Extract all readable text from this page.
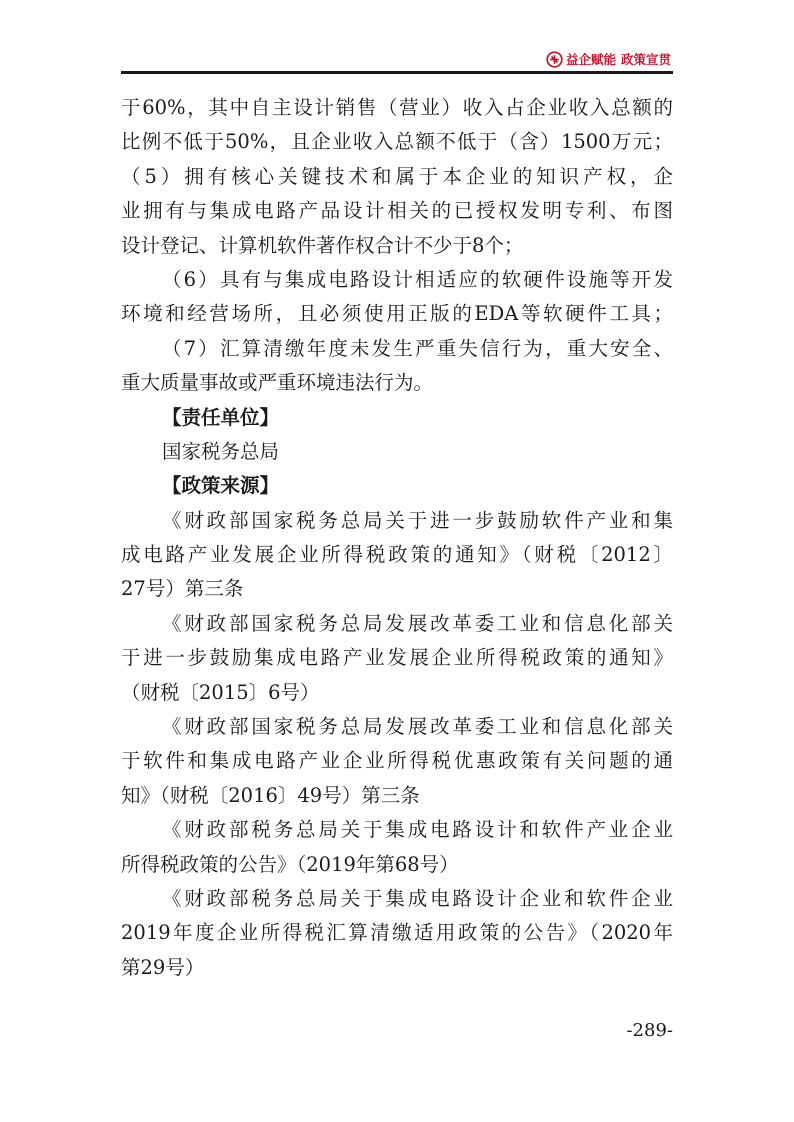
益企赋能 政策宣贯
于60%，其中自主设计销售（营业）收入占企业收入总额的
比例不低于50%，且企业收入总额不低于（含）1500万元；
（5）拥有核心关键技术和属于本企业的知识产权，企
业拥有与集成电路产品设计相关的已授权发明专利、布图
设计登记、计算机软件著作权合计不少于8个；
（6）具有与集成电路设计相适应的软硬件设施等开发
环境和经营场所，且必须使用正版的EDA等软硬件工具；
（7）汇算清缴年度未发生严重失信行为，重大安全、
重大质量事故或严重环境违法行为。
【责任单位】
国家税务总局
【政策来源】
《财政部国家税务总局关于进一步鼓励软件产业和集
成电路产业发展企业所得税政策的通知》（财税〔2012〕
27号）第三条
《财政部国家税务总局发展改革委工业和信息化部关
于进一步鼓励集成电路产业发展企业所得税政策的通知》
（财税〔2015〕6号）
《财政部国家税务总局发展改革委工业和信息化部关
于软件和集成电路产业企业所得税优惠政策有关问题的通
知》（财税〔2016〕49号）第三条
《财政部税务总局关于集成电路设计和软件产业企业
所得税政策的公告》（2019年第68号）
《财政部税务总局关于集成电路设计企业和软件企业
2019年度企业所得税汇算清缴适用政策的公告》（2020年
第29号）
-289-
